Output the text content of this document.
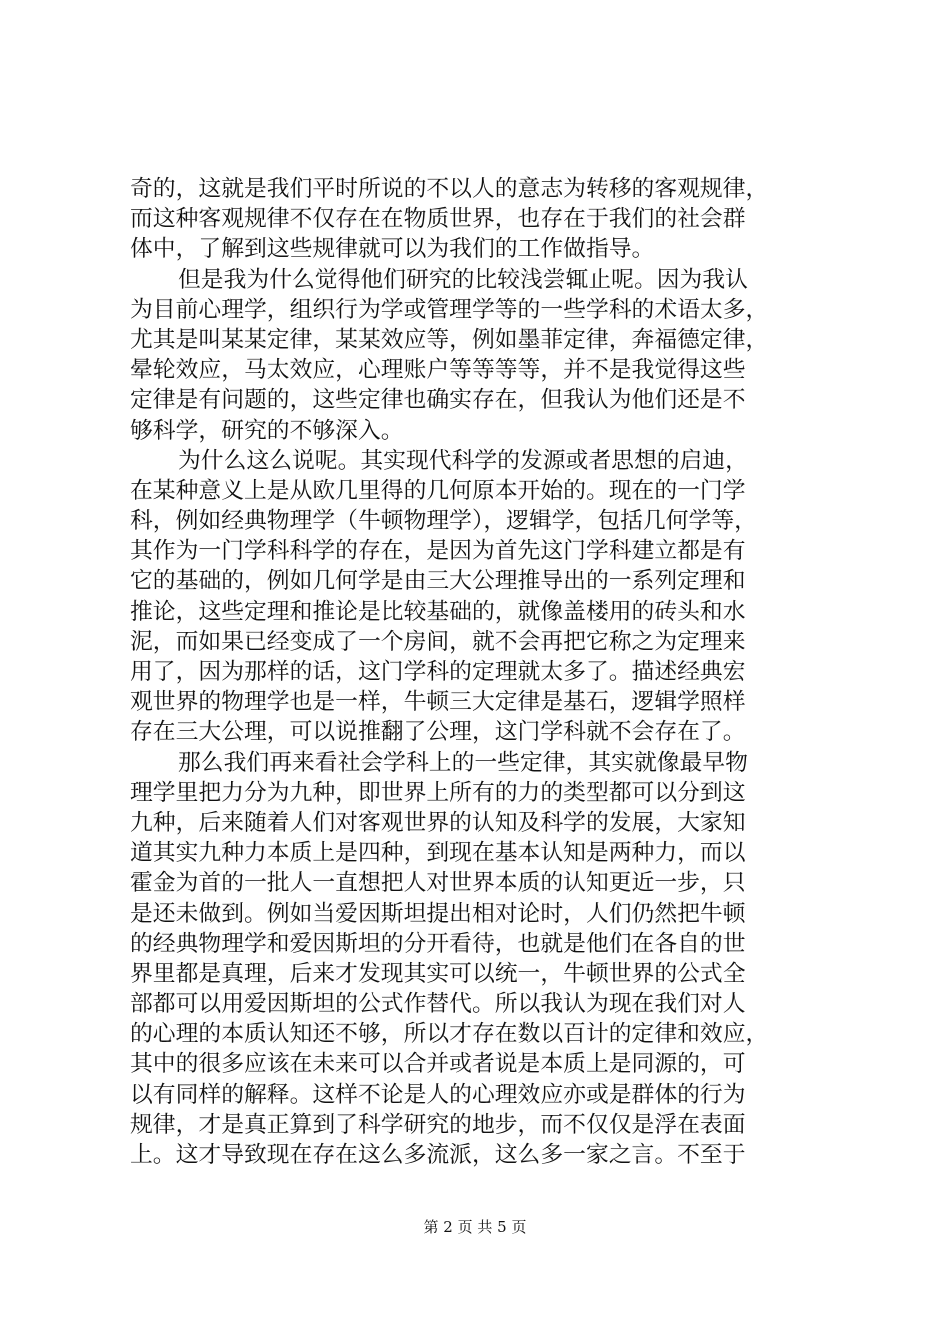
奇的，这就是我们平时所说的不以人的意志为转移的客观规律，
而这种客观规律不仅存在在物质世界，也存在于我们的社会群
体中，了解到这些规律就可以为我们的工作做指导。
但是我为什么觉得他们研究的比较浅尝辄止呢。因为我认
为目前心理学，组织行为学或管理学等的一些学科的术语太多，
尤其是叫某某定律，某某效应等，例如墨菲定律，奔福德定律，
晕轮效应，马太效应，心理账户等等等等，并不是我觉得这些
定律是有问题的，这些定律也确实存在，但我认为他们还是不
够科学，研究的不够深入。
为什么这么说呢。其实现代科学的发源或者思想的启迪，
在某种意义上是从欧几里得的几何原本开始的。现在的一门学
科，例如经典物理学（牛顿物理学），逻辑学，包括几何学等，
其作为一门学科科学的存在，是因为首先这门学科建立都是有
它的基础的，例如几何学是由三大公理推导出的一系列定理和
推论，这些定理和推论是比较基础的，就像盖楼用的砖头和水
泥，而如果已经变成了一个房间，就不会再把它称之为定理来
用了，因为那样的话，这门学科的定理就太多了。描述经典宏
观世界的物理学也是一样，牛顿三大定律是基石，逻辑学照样
存在三大公理，可以说推翻了公理，这门学科就不会存在了。
那么我们再来看社会学科上的一些定律，其实就像最早物
理学里把力分为九种，即世界上所有的力的类型都可以分到这
九种，后来随着人们对客观世界的认知及科学的发展，大家知
道其实九种力本质上是四种，到现在基本认知是两种力，而以
霍金为首的一批人一直想把人对世界本质的认知更近一步，只
是还未做到。例如当爱因斯坦提出相对论时，人们仍然把牛顿
的经典物理学和爱因斯坦的分开看待，也就是他们在各自的世
界里都是真理，后来才发现其实可以统一，牛顿世界的公式全
部都可以用爱因斯坦的公式作替代。所以我认为现在我们对人
的心理的本质认知还不够，所以才存在数以百计的定律和效应，
其中的很多应该在未来可以合并或者说是本质上是同源的，可
以有同样的解释。这样不论是人的心理效应亦或是群体的行为
规律，才是真正算到了科学研究的地步，而不仅仅是浮在表面
上。这才导致现在存在这么多流派，这么多一家之言。不至于
第 2 页 共 5 页
